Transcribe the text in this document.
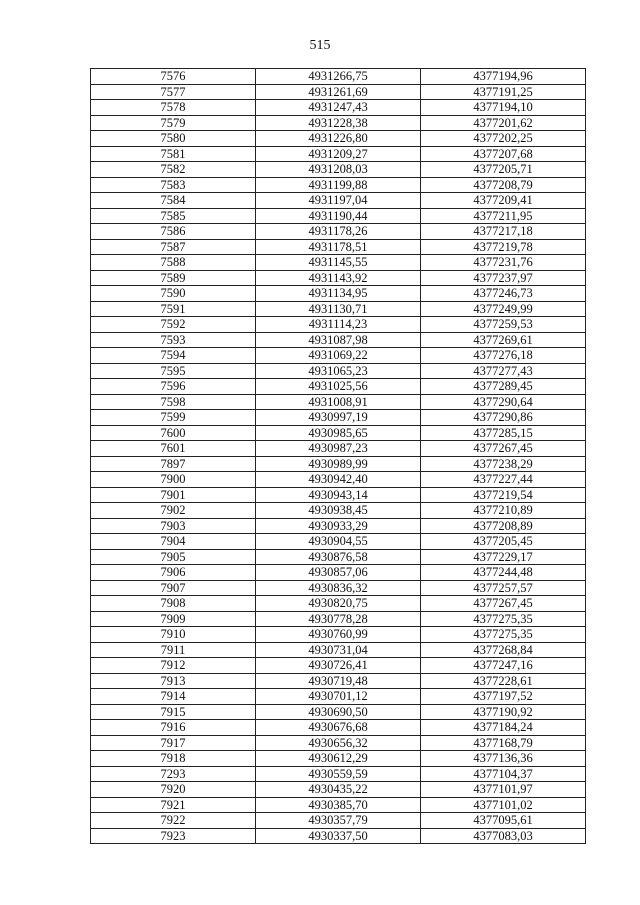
515
7576	4931266,75	4377194,96
7577	4931261,69	4377191,25
7578	4931247,43	4377194,10
7579	4931228,38	4377201,62
7580	4931226,80	4377202,25
7581	4931209,27	4377207,68
7582	4931208,03	4377205,71
7583	4931199,88	4377208,79
7584	4931197,04	4377209,41
7585	4931190,44	4377211,95
7586	4931178,26	4377217,18
7587	4931178,51	4377219,78
7588	4931145,55	4377231,76
7589	4931143,92	4377237,97
7590	4931134,95	4377246,73
7591	4931130,71	4377249,99
7592	4931114,23	4377259,53
7593	4931087,98	4377269,61
7594	4931069,22	4377276,18
7595	4931065,23	4377277,43
7596	4931025,56	4377289,45
7598	4931008,91	4377290,64
7599	4930997,19	4377290,86
7600	4930985,65	4377285,15
7601	4930987,23	4377267,45
7897	4930989,99	4377238,29
7900	4930942,40	4377227,44
7901	4930943,14	4377219,54
7902	4930938,45	4377210,89
7903	4930933,29	4377208,89
7904	4930904,55	4377205,45
7905	4930876,58	4377229,17
7906	4930857,06	4377244,48
7907	4930836,32	4377257,57
7908	4930820,75	4377267,45
7909	4930778,28	4377275,35
7910	4930760,99	4377275,35
7911	4930731,04	4377268,84
7912	4930726,41	4377247,16
7913	4930719,48	4377228,61
7914	4930701,12	4377197,52
7915	4930690,50	4377190,92
7916	4930676,68	4377184,24
7917	4930656,32	4377168,79
7918	4930612,29	4377136,36
7293	4930559,59	4377104,37
7920	4930435,22	4377101,97
7921	4930385,70	4377101,02
7922	4930357,79	4377095,61
7923	4930337,50	4377083,03
